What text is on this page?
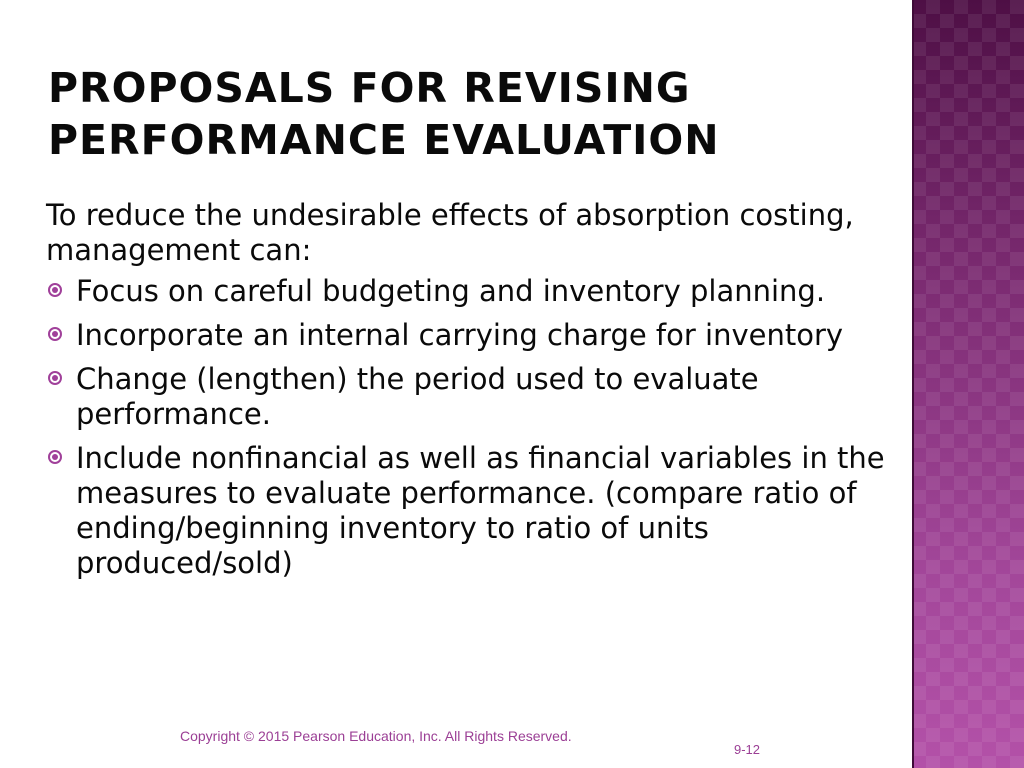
PROPOSALS FOR REVISING
PERFORMANCE EVALUATION

To reduce the undesirable effects of absorption costing, management can:

Focus on careful budgeting and inventory planning.
Incorporate an internal carrying charge for inventory
Change (lengthen) the period used to evaluate performance.
Include nonfinancial as well as financial variables in the measures to evaluate performance. (compare ratio of ending/beginning inventory to ratio of units produced/sold)
Copyright © 2015 Pearson Education, Inc. All Rights Reserved.
9-12
